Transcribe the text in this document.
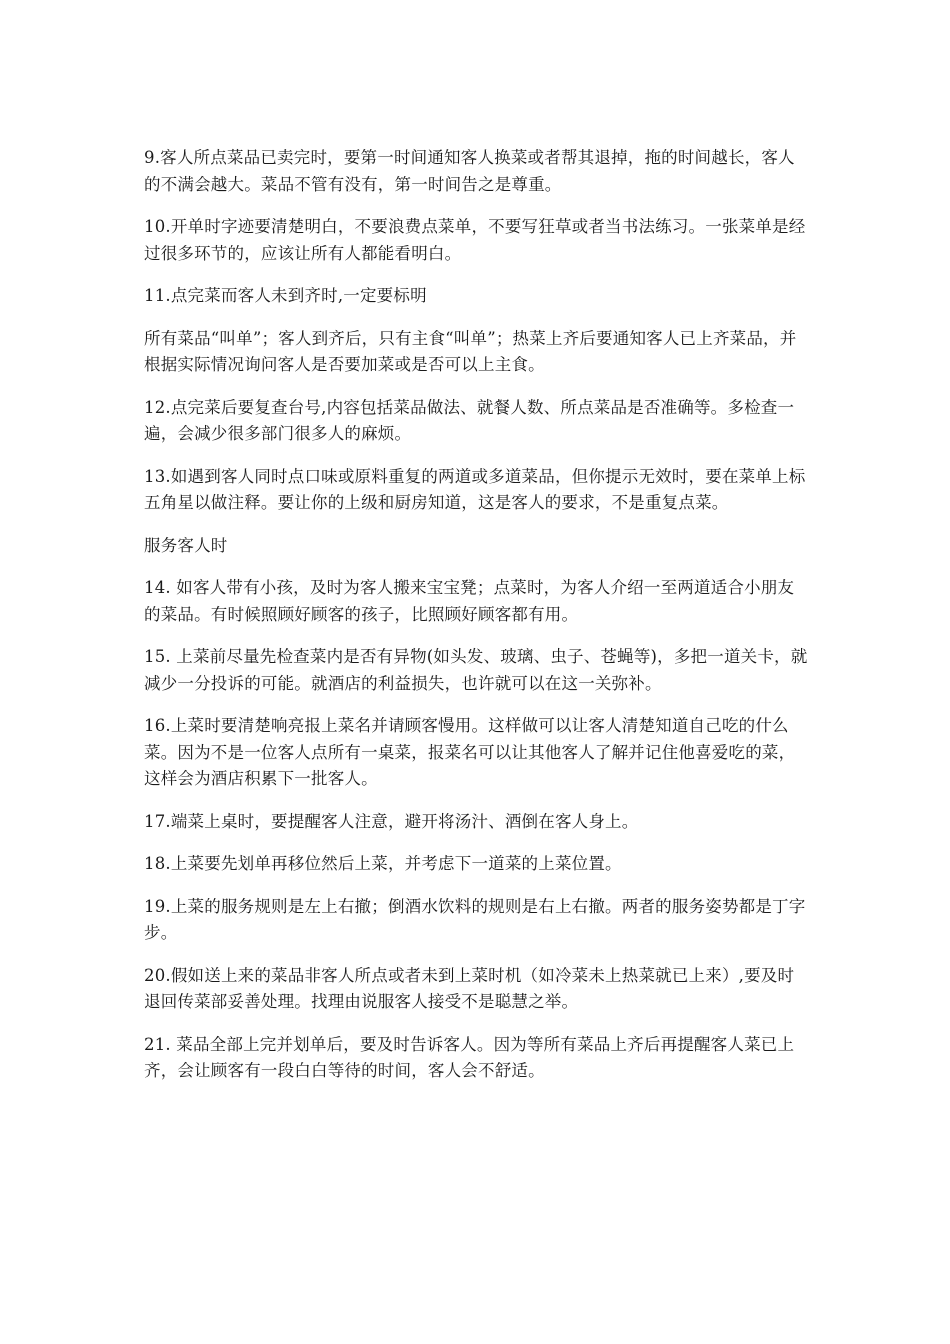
9.客人所点菜品已卖完时，要第一时间通知客人换菜或者帮其退掉，拖的时间越长，客人的不满会越大。菜品不管有没有，第一时间告之是尊重。

10.开单时字迹要清楚明白，不要浪费点菜单，不要写狂草或者当书法练习。一张菜单是经过很多环节的，应该让所有人都能看明白。

11.点完菜而客人未到齐时,一定要标明

所有菜品“叫单”；客人到齐后，只有主食“叫单”；热菜上齐后要通知客人已上齐菜品，并根据实际情况询问客人是否要加菜或是否可以上主食。

12.点完菜后要复查台号,内容包括菜品做法、就餐人数、所点菜品是否准确等。多检查一遍，会减少很多部门很多人的麻烦。

13.如遇到客人同时点口味或原料重复的两道或多道菜品，但你提示无效时，要在菜单上标五角星以做注释。要让你的上级和厨房知道，这是客人的要求，不是重复点菜。

服务客人时

14. 如客人带有小孩，及时为客人搬来宝宝凳；点菜时，为客人介绍一至两道适合小朋友的菜品。有时候照顾好顾客的孩子，比照顾好顾客都有用。

15. 上菜前尽量先检查菜内是否有异物(如头发、玻璃、虫子、苍蝇等)，多把一道关卡，就减少一分投诉的可能。就酒店的利益损失，也许就可以在这一关弥补。

16.上菜时要清楚响亮报上菜名并请顾客慢用。这样做可以让客人清楚知道自己吃的什么菜。因为不是一位客人点所有一桌菜，报菜名可以让其他客人了解并记住他喜爱吃的菜，这样会为酒店积累下一批客人。

17.端菜上桌时，要提醒客人注意，避开将汤汁、酒倒在客人身上。

18.上菜要先划单再移位然后上菜，并考虑下一道菜的上菜位置。

19.上菜的服务规则是左上右撤；倒酒水饮料的规则是右上右撤。两者的服务姿势都是丁字步。

20.假如送上来的菜品非客人所点或者未到上菜时机（如冷菜未上热菜就已上来）,要及时退回传菜部妥善处理。找理由说服客人接受不是聪慧之举。

21. 菜品全部上完并划单后，要及时告诉客人。因为等所有菜品上齐后再提醒客人菜已上齐，会让顾客有一段白白等待的时间，客人会不舒适。
